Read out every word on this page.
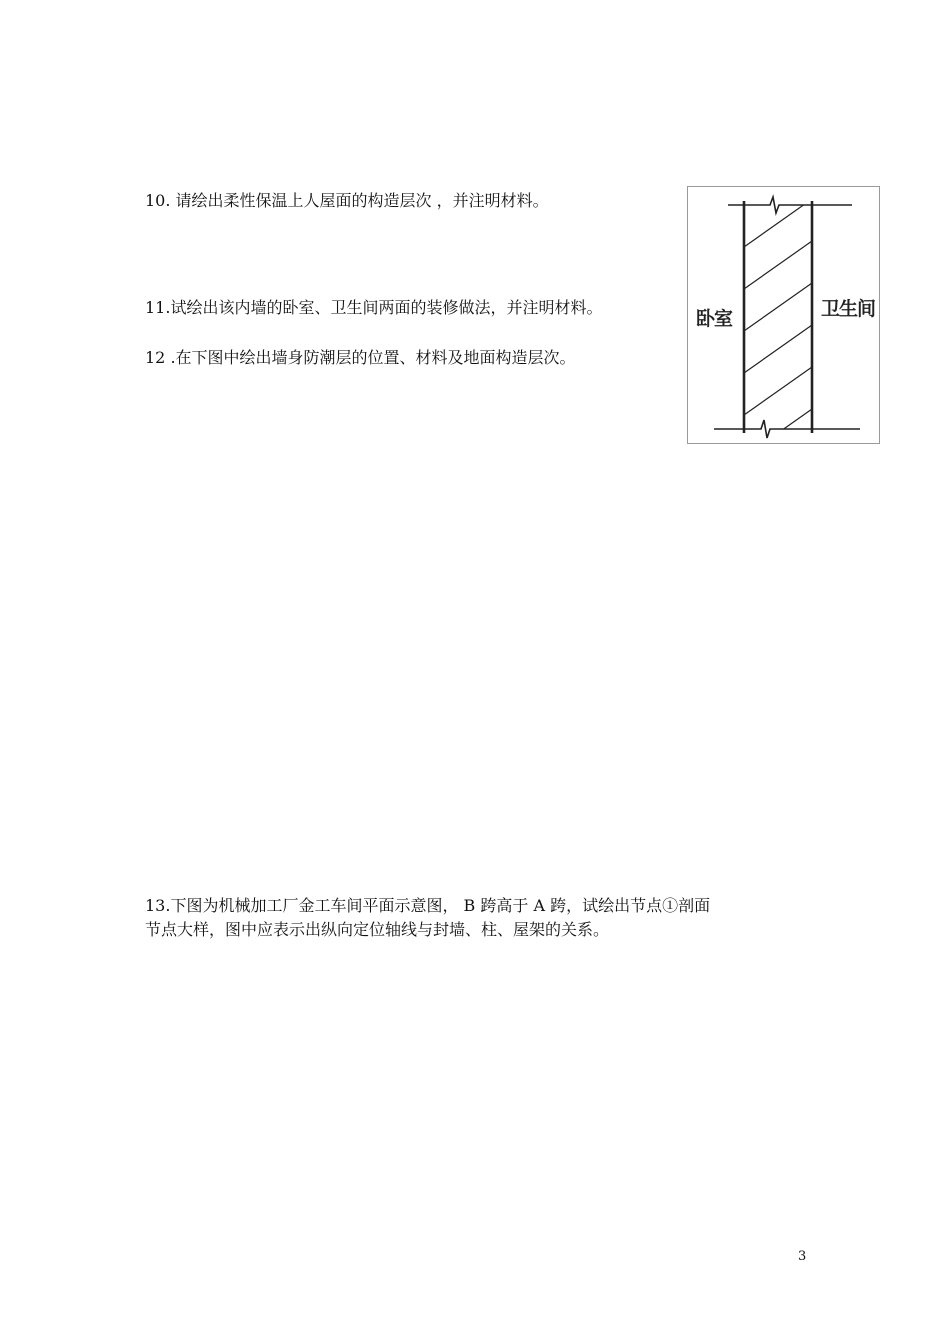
10. 请绘出柔性保温上人屋面的构造层次 ，并注明材料。

11.试绘出该内墙的卧室、卫生间两面的装修做法，并注明材料。

12 .在下图中绘出墙身防潮层的位置、材料及地面构造层次。

卧室	卫生间

13.下图为机械加工厂金工车间平面示意图， B 跨高于 A 跨，试绘出节点①剖面
节点大样，图中应表示出纵向定位轴线与封墙、柱、屋架的关系。

3
